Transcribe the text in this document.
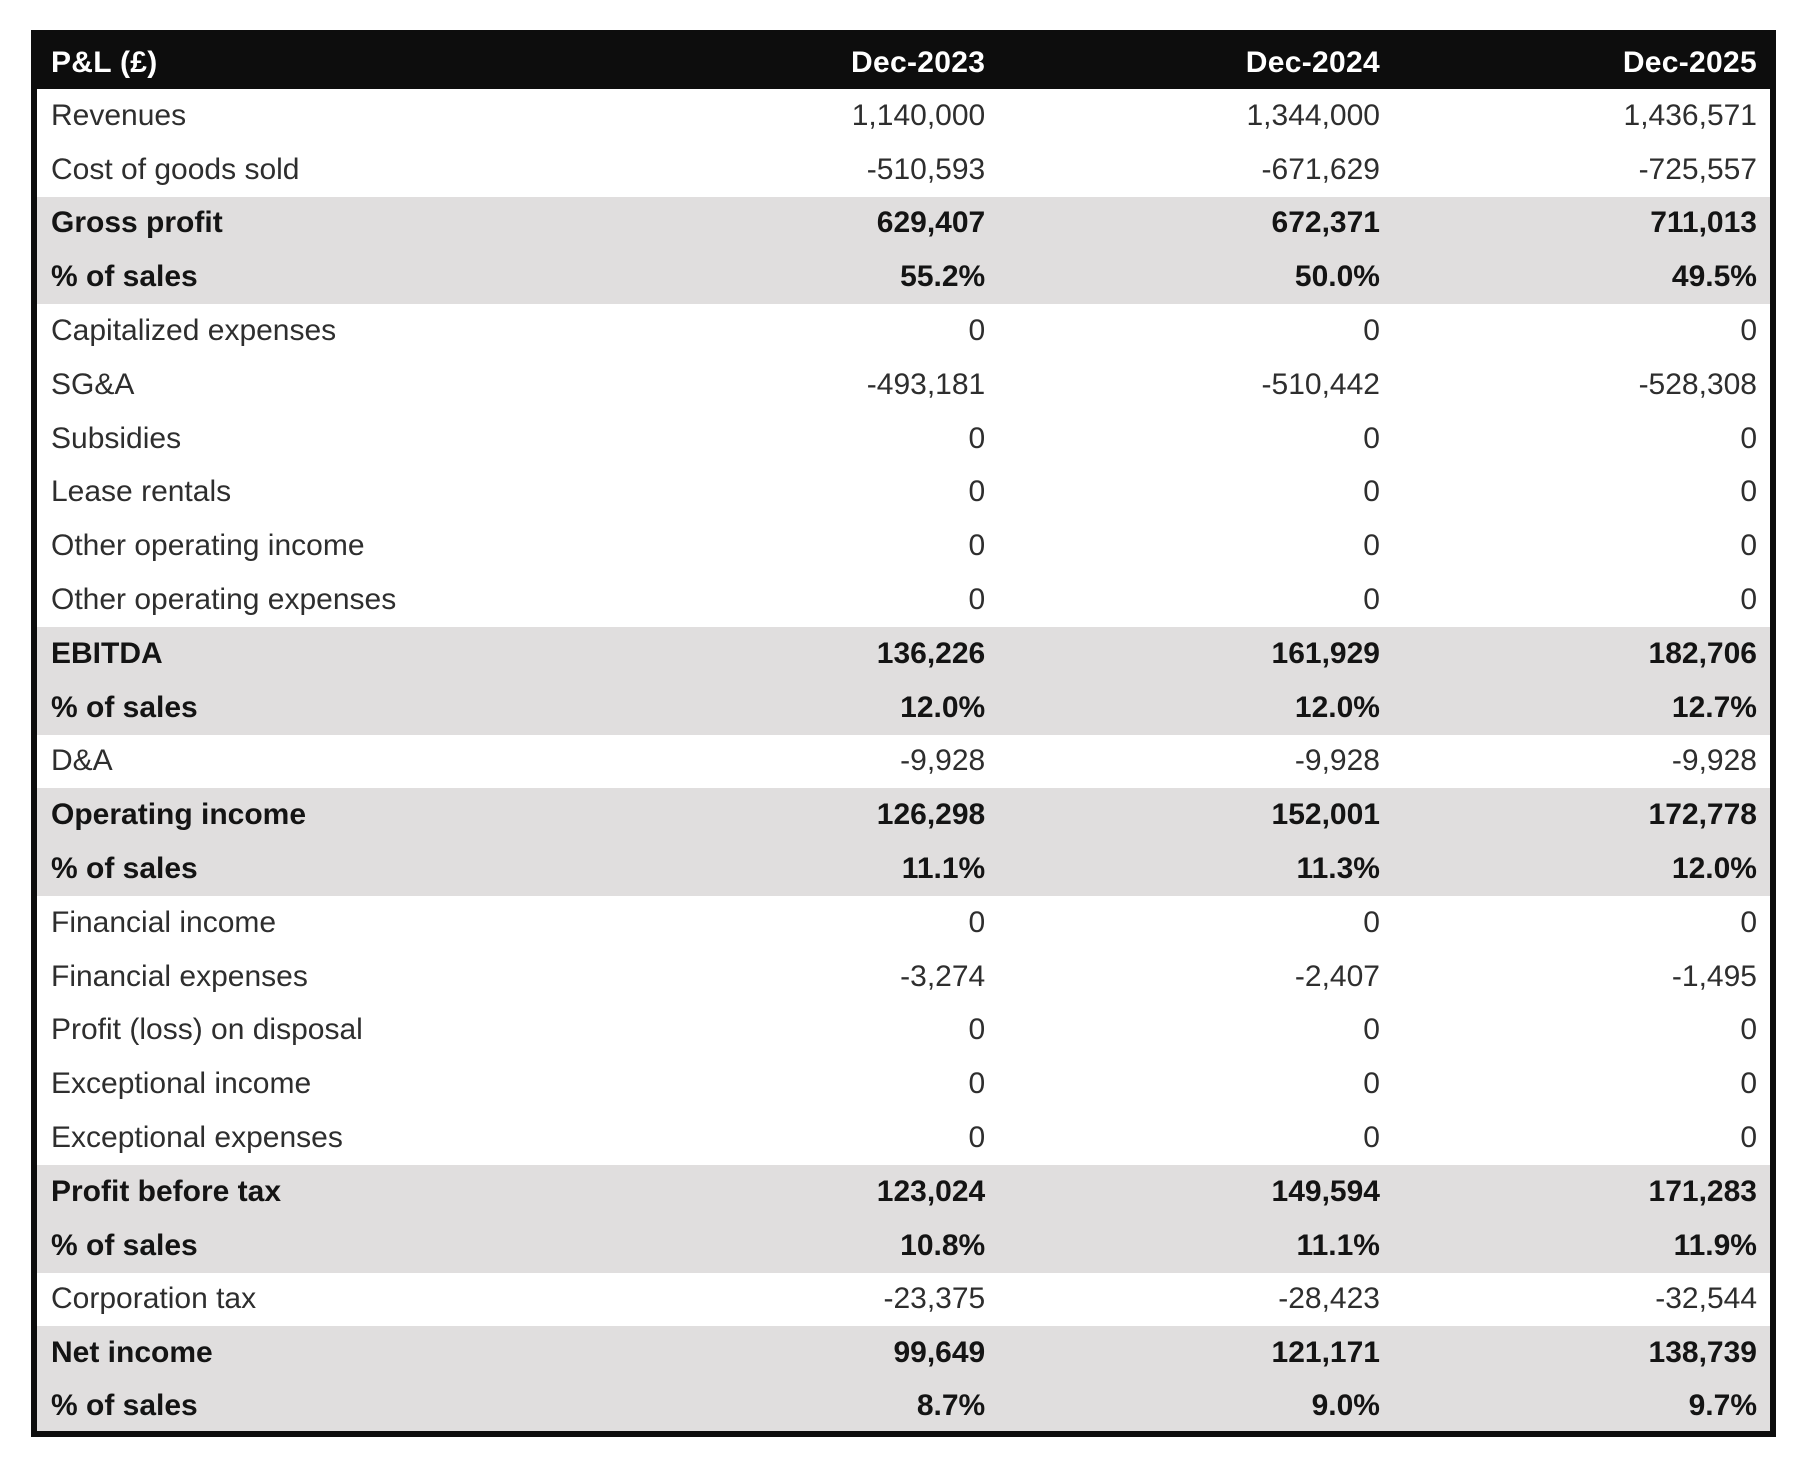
P&L (£)	Dec-2023	Dec-2024	Dec-2025
Revenues	1,140,000	1,344,000	1,436,571
Cost of goods sold	-510,593	-671,629	-725,557
Gross profit	629,407	672,371	711,013
% of sales	55.2%	50.0%	49.5%
Capitalized expenses	0	0	0
SG&A	-493,181	-510,442	-528,308
Subsidies	0	0	0
Lease rentals	0	0	0
Other operating income	0	0	0
Other operating expenses	0	0	0
EBITDA	136,226	161,929	182,706
% of sales	12.0%	12.0%	12.7%
D&A	-9,928	-9,928	-9,928
Operating income	126,298	152,001	172,778
% of sales	11.1%	11.3%	12.0%
Financial income	0	0	0
Financial expenses	-3,274	-2,407	-1,495
Profit (loss) on disposal	0	0	0
Exceptional income	0	0	0
Exceptional expenses	0	0	0
Profit before tax	123,024	149,594	171,283
% of sales	10.8%	11.1%	11.9%
Corporation tax	-23,375	-28,423	-32,544
Net income	99,649	121,171	138,739
% of sales	8.7%	9.0%	9.7%
